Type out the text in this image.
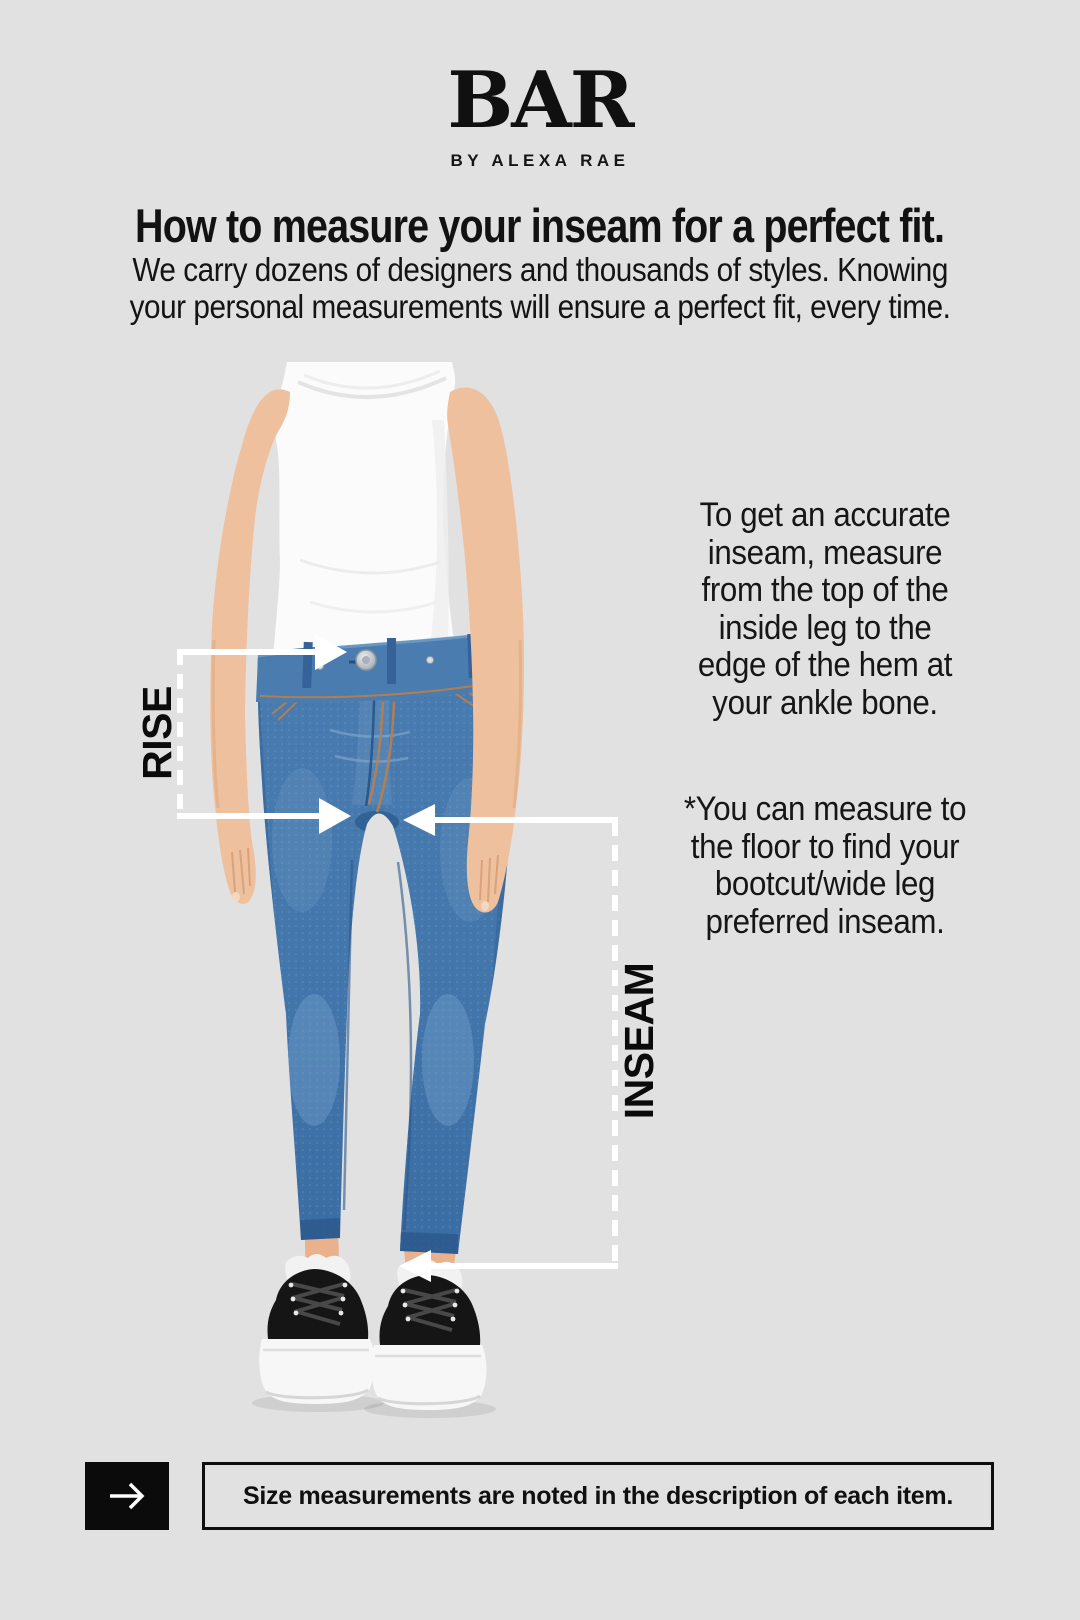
BAR
BY ALEXA RAE
How to measure your inseam for a perfect fit.
We carry dozens of designers and thousands of styles. Knowing
your personal measurements will ensure a perfect fit, every time.
RISE
INSEAM
To get an accurate
inseam, measure
from the top of the
inside leg to the
edge of the hem at
your ankle bone.
*You can measure to
the floor to find your
bootcut/wide leg
preferred inseam.
Size measurements are noted in the description of each item.
